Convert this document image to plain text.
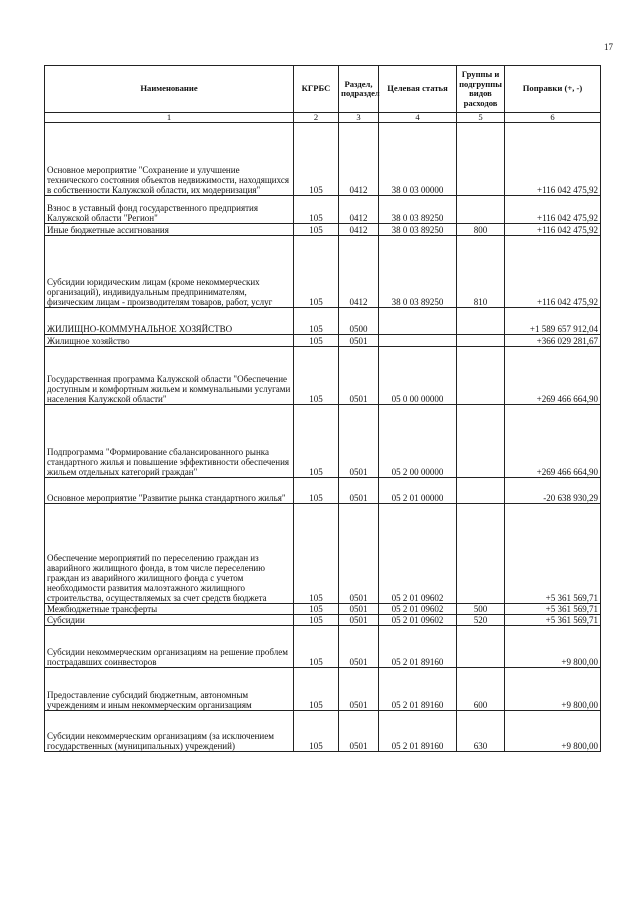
17
Наименование	КГРБС	Раздел, подраздел	Целевая статья	Группы и подгруппы видов расходов	Поправки (+, -)
1	2	3	4	5	6
Основное мероприятие "Сохранение и улучшение технического состояния объектов недвижимости, находящихся в собственности Калужской области, их модернизация"	105	0412	38 0 03 00000		+116 042 475,92
Взнос в уставный фонд государственного предприятия Калужской области "Регион"	105	0412	38 0 03 89250		+116 042 475,92
Иные бюджетные ассигнования	105	0412	38 0 03 89250	800	+116 042 475,92
Субсидии юридическим лицам (кроме некоммерческих организаций), индивидуальным предпринимателям, физическим лицам - производителям товаров, работ, услуг	105	0412	38 0 03 89250	810	+116 042 475,92
ЖИЛИЩНО-КОММУНАЛЬНОЕ ХОЗЯЙСТВО	105	0500			+1 589 657 912,04
Жилищное хозяйство	105	0501			+366 029 281,67
Государственная программа Калужской области "Обеспечение доступным и комфортным жильем и коммунальными услугами населения Калужской области"	105	0501	05 0 00 00000		+269 466 664,90
Подпрограмма "Формирование сбалансированного рынка стандартного жилья и повышение эффективности обеспечения жильем отдельных категорий граждан"	105	0501	05 2 00 00000		+269 466 664,90
Основное мероприятие "Развитие рынка стандартного жилья"	105	0501	05 2 01 00000		-20 638 930,29
Обеспечение мероприятий по переселению граждан из аварийного жилищного фонда, в том числе переселению граждан из аварийного жилищного фонда с учетом необходимости развития малоэтажного жилищного строительства, осуществляемых за счет средств бюджета	105	0501	05 2 01 09602		+5 361 569,71
Межбюджетные трансферты	105	0501	05 2 01 09602	500	+5 361 569,71
Субсидии	105	0501	05 2 01 09602	520	+5 361 569,71
Субсидии некоммерческим организациям на решение проблем пострадавших соинвесторов	105	0501	05 2 01 89160		+9 800,00
Предоставление субсидий бюджетным, автономным учреждениям и иным некоммерческим организациям	105	0501	05 2 01 89160	600	+9 800,00
Субсидии некоммерческим организациям (за исключением государственных (муниципальных) учреждений)	105	0501	05 2 01 89160	630	+9 800,00
